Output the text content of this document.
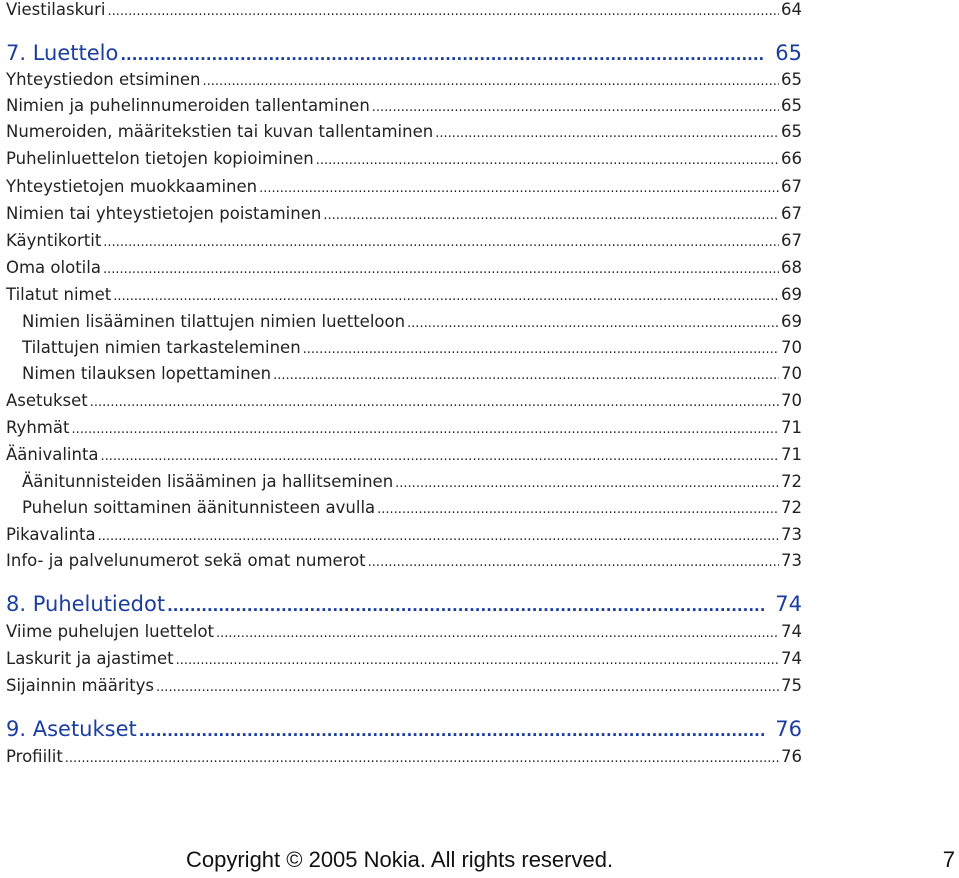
Viestilaskuri .....	64
7. Luettelo .....	65
Yhteystiedon etsiminen .....	65
Nimien ja puhelinnumeroiden tallentaminen .....	65
Numeroiden, määritekstien tai kuvan tallentaminen .....	65
Puhelinluettelon tietojen kopioiminen .....	66
Yhteystietojen muokkaaminen .....	67
Nimien tai yhteystietojen poistaminen .....	67
Käyntikortit .....	67
Oma olotila .....	68
Tilatut nimet .....	69
Nimien lisääminen tilattujen nimien luetteloon .....	69
Tilattujen nimien tarkasteleminen .....	70
Nimen tilauksen lopettaminen .....	70
Asetukset .....	70
Ryhmät .....	71
Äänivalinta .....	71
Äänitunnisteiden lisääminen ja hallitseminen .....	72
Puhelun soittaminen äänitunnisteen avulla .....	72
Pikavalinta .....	73
Info- ja palvelunumerot sekä omat numerot .....	73
8. Puhelutiedot .....	74
Viime puhelujen luettelot .....	74
Laskurit ja ajastimet .....	74
Sijainnin määritys .....	75
9. Asetukset .....	76
Profiilit .....	76
Copyright © 2005 Nokia. All rights reserved.	7
